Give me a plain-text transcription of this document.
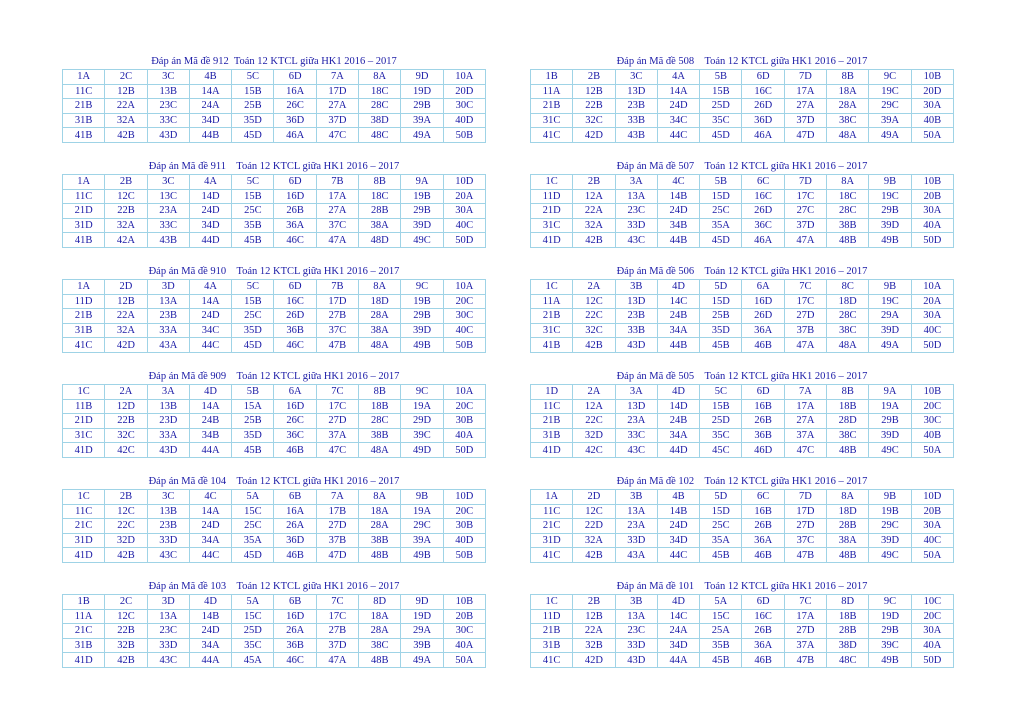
Đáp án Mã đề 912  Toán 12 KTCL giữa HK1 2016 – 2017
1A	2C	3C	4B	5C	6D	7A	8A	9D	10A
11C	12B	13B	14A	15B	16A	17D	18C	19D	20D
21B	22A	23C	24A	25B	26C	27A	28C	29B	30C
31B	32A	33C	34D	35D	36D	37D	38D	39A	40D
41B	42B	43D	44B	45D	46A	47C	48C	49A	50B
Đáp án Mã đề 911    Toán 12 KTCL giữa HK1 2016 – 2017
1A	2B	3C	4A	5C	6D	7B	8B	9A	10D
11C	12C	13C	14D	15B	16D	17A	18C	19B	20A
21D	22B	23A	24D	25C	26B	27A	28B	29B	30A
31D	32A	33C	34D	35B	36A	37C	38A	39D	40C
41B	42A	43B	44D	45B	46C	47A	48D	49C	50D
Đáp án Mã đề 910    Toán 12 KTCL giữa HK1 2016 – 2017
1A	2D	3D	4A	5C	6D	7B	8A	9C	10A
11D	12B	13A	14A	15B	16C	17D	18D	19B	20C
21B	22A	23B	24D	25C	26D	27B	28A	29B	30C
31B	32A	33A	34C	35D	36B	37C	38A	39D	40C
41C	42D	43A	44C	45D	46C	47B	48A	49B	50B
Đáp án Mã đề 909    Toán 12 KTCL giữa HK1 2016 – 2017
1C	2A	3A	4D	5B	6A	7C	8B	9C	10A
11B	12D	13B	14A	15A	16D	17C	18B	19A	20C
21D	22B	23D	24B	25B	26C	27D	28C	29D	30B
31C	32C	33A	34B	35D	36C	37A	38B	39C	40A
41D	42C	43D	44A	45B	46B	47C	48A	49D	50D
Đáp án Mã đề 104    Toán 12 KTCL giữa HK1 2016 – 2017
1C	2B	3C	4C	5A	6B	7A	8A	9B	10D
11C	12C	13B	14A	15C	16A	17B	18A	19A	20C
21C	22C	23B	24D	25C	26A	27D	28A	29C	30B
31D	32D	33D	34A	35A	36D	37B	38B	39A	40D
41D	42B	43C	44C	45D	46B	47D	48B	49B	50B
Đáp án Mã đề 103    Toán 12 KTCL giữa HK1 2016 – 2017
1B	2C	3D	4D	5A	6B	7C	8D	9D	10B
11A	12C	13A	14B	15C	16D	17C	18A	19D	20B
21C	22B	23C	24D	25D	26A	27B	28A	29A	30C
31B	32B	33D	34A	35C	36B	37D	38C	39B	40A
41D	42B	43C	44A	45A	46C	47A	48B	49A	50A
Đáp án Mã đề 508    Toán 12 KTCL giữa HK1 2016 – 2017
1B	2B	3C	4A	5B	6D	7D	8B	9C	10B
11A	12B	13D	14A	15B	16C	17A	18A	19C	20D
21B	22B	23B	24D	25D	26D	27A	28A	29C	30A
31C	32C	33B	34C	35C	36D	37D	38C	39A	40B
41C	42D	43B	44C	45D	46A	47D	48A	49A	50A
Đáp án Mã đề 507    Toán 12 KTCL giữa HK1 2016 – 2017
1C	2B	3A	4C	5B	6C	7D	8A	9B	10B
11D	12A	13A	14B	15D	16C	17C	18C	19C	20B
21D	22A	23C	24D	25C	26D	27C	28C	29B	30A
31C	32A	33D	34B	35A	36C	37D	38B	39D	40A
41D	42B	43C	44B	45D	46A	47A	48B	49B	50D
Đáp án Mã đề 506    Toán 12 KTCL giữa HK1 2016 – 2017
1C	2A	3B	4D	5D	6A	7C	8C	9B	10A
11A	12C	13D	14C	15D	16D	17C	18D	19C	20A
21B	22C	23B	24B	25B	26D	27D	28C	29A	30A
31C	32C	33B	34A	35D	36A	37B	38C	39D	40C
41B	42B	43D	44B	45B	46B	47A	48A	49A	50D
Đáp án Mã đề 505    Toán 12 KTCL giữa HK1 2016 – 2017
1D	2A	3A	4D	5C	6D	7A	8B	9A	10B
11C	12A	13D	14D	15B	16B	17A	18B	19A	20C
21B	22C	23A	24B	25D	26B	27A	28D	29B	30C
31B	32D	33C	34A	35C	36B	37A	38C	39D	40B
41D	42C	43C	44D	45C	46D	47C	48B	49C	50A
Đáp án Mã đề 102    Toán 12 KTCL giữa HK1 2016 – 2017
1A	2D	3B	4B	5D	6C	7D	8A	9B	10D
11C	12C	13A	14B	15D	16B	17D	18D	19B	20B
21C	22D	23A	24D	25C	26B	27D	28B	29C	30A
31D	32A	33D	34D	35A	36A	37C	38A	39D	40C
41C	42B	43A	44C	45B	46B	47B	48B	49C	50A
Đáp án Mã đề 101    Toán 12 KTCL giữa HK1 2016 – 2017
1C	2B	3B	4D	5A	6D	7C	8D	9C	10C
11D	12B	13A	14C	15C	16C	17A	18B	19D	20C
21B	22A	23C	24A	25A	26B	27D	28B	29B	30A
31B	32B	33D	34D	35B	36A	37A	38D	39C	40A
41C	42D	43D	44A	45B	46B	47B	48C	49B	50D
